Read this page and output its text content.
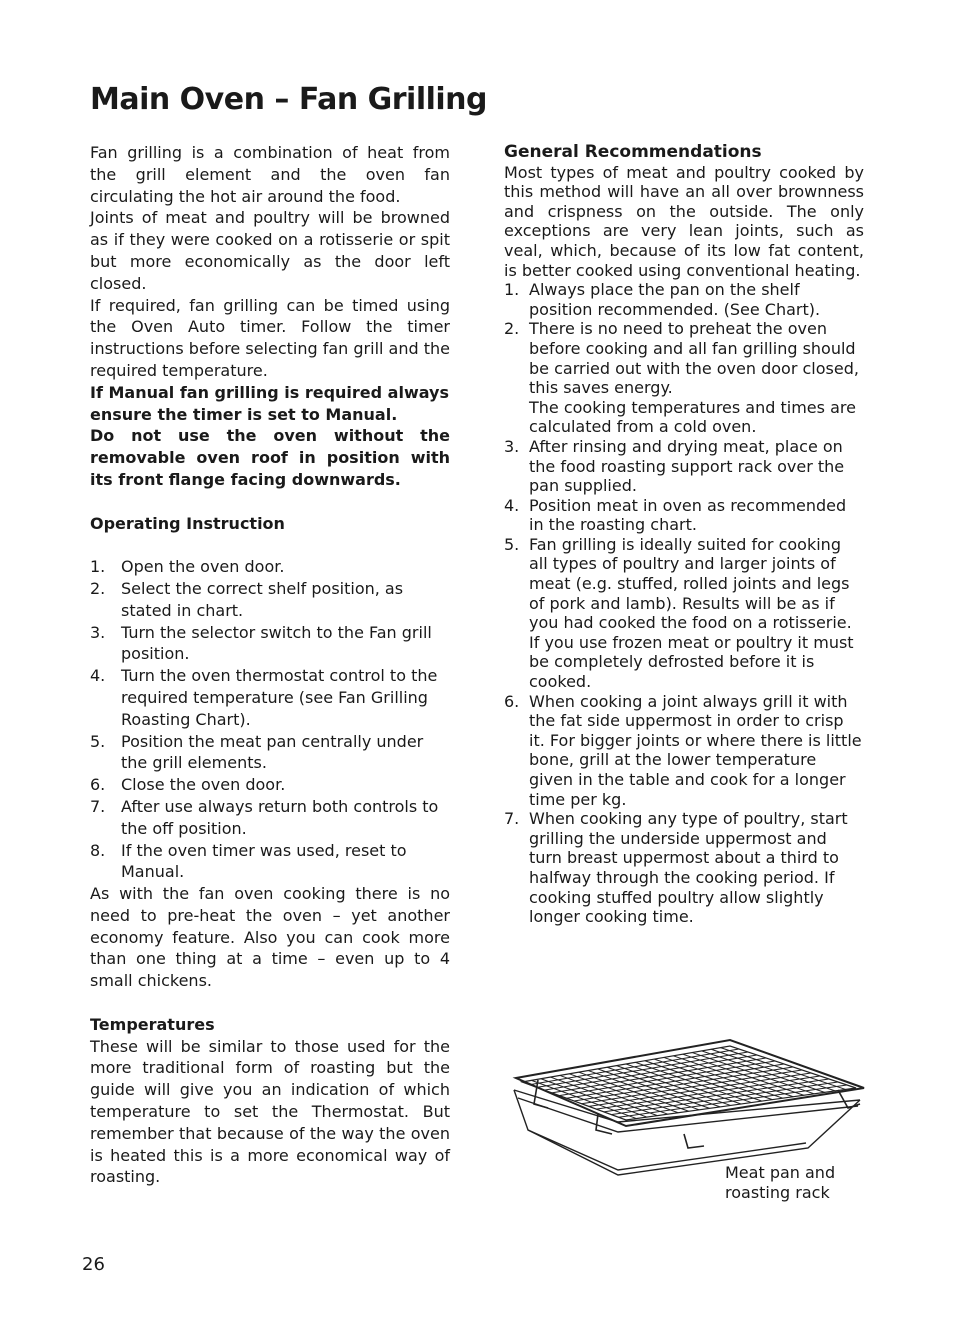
Main Oven – Fan Grilling

Fan grilling is a combination of heat from the grill element and the oven fan circulating the hot air around the food.

Joints of meat and poultry will be browned as if they were cooked on a rotisserie or spit but more economically as the door left closed.

If required, fan grilling can be timed using the Oven Auto timer. Follow the timer instructions before selecting fan grill and the required temperature.

If Manual fan grilling is required always ensure the timer is set to Manual.

Do not use the oven without the removable oven roof in position with its front flange facing downwards.

Operating Instruction

1. Open the oven door.
2. Select the correct shelf position, as stated in chart.
3. Turn the selector switch to the Fan grill position.
4. Turn the oven thermostat control to the required temperature (see Fan Grilling Roasting Chart).
5. Position the meat pan centrally under the grill elements.
6. Close the oven door.
7. After use always return both controls to the off position.
8. If the oven timer was used, reset to Manual.

As with the fan oven cooking there is no need to pre-heat the oven – yet another economy feature. Also you can cook more than one thing at a time – even up to 4 small chickens.

Temperatures

These will be similar to those used for the more traditional form of roasting but the guide will give you an indication of which temperature to set the Thermostat. But remember that because of the way the oven is heated this is a more economical way of roasting.

General Recommendations

Most types of meat and poultry cooked by this method will have an all over brownness and crispness on the outside. The only exceptions are very lean joints, such as veal, which, because of its low fat content, is better cooked using conventional heating.

1. Always place the pan on the shelf position recommended. (See Chart).
2. There is no need to preheat the oven before cooking and all fan grilling should be carried out with the oven door closed, this saves energy.
The cooking temperatures and times are calculated from a cold oven.
3. After rinsing and drying meat, place on the food roasting support rack over the pan supplied.
4. Position meat in oven as recommended in the roasting chart.
5. Fan grilling is ideally suited for cooking all types of poultry and larger joints of meat (e.g. stuffed, rolled joints and legs of pork and lamb). Results will be as if you had cooked the food on a rotisserie. If you use frozen meat or poultry it must be completely defrosted before it is cooked.
6. When cooking a joint always grill it with the fat side uppermost in order to crisp it. For bigger joints or where there is little bone, grill at the lower temperature given in the table and cook for a longer time per kg.
7. When cooking any type of poultry, start grilling the underside uppermost and turn breast uppermost about a third to halfway through the cooking period. If cooking stuffed poultry allow slightly longer cooking time.
Meat pan and
roasting rack
26
